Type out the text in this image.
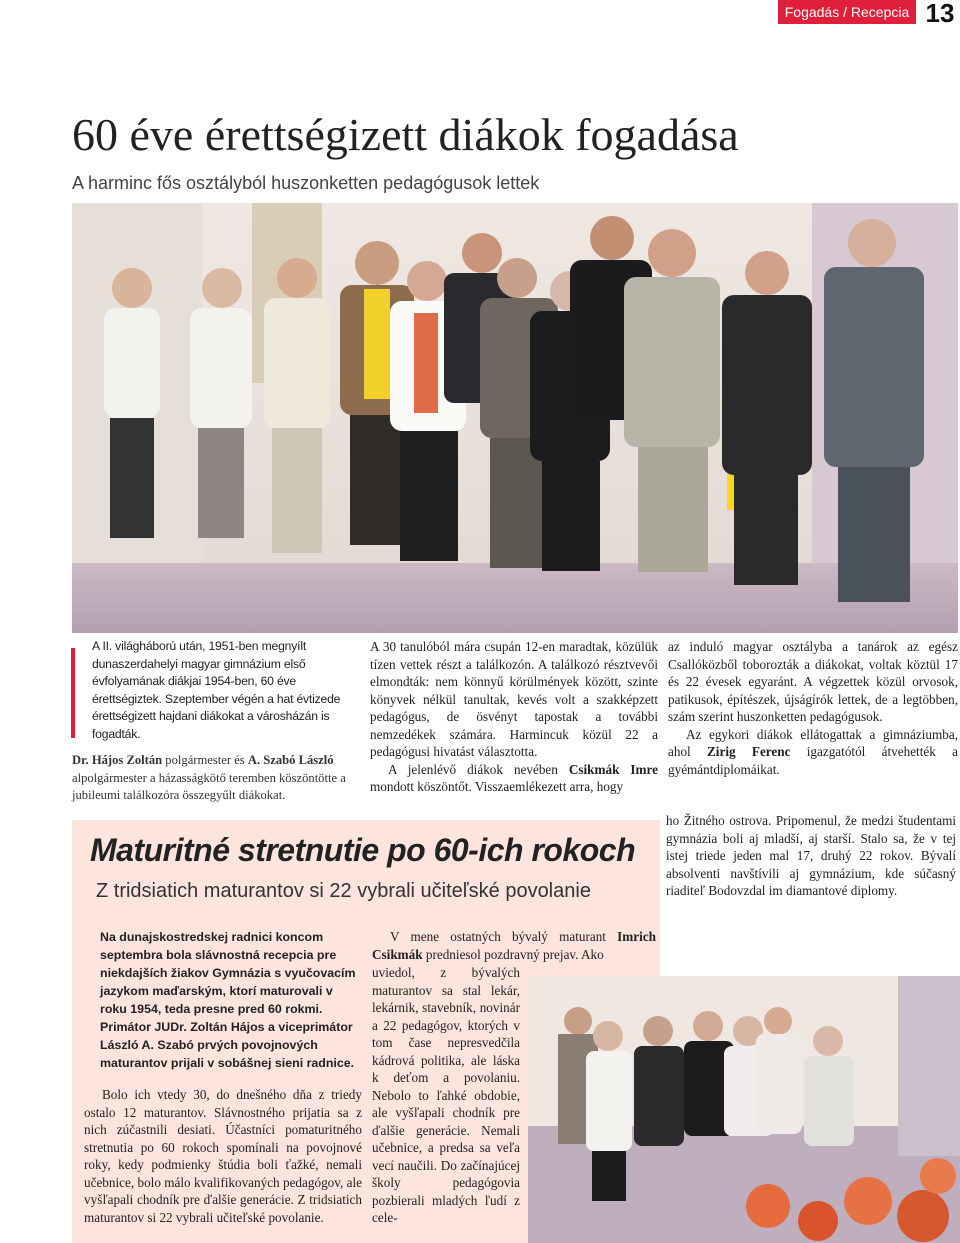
Fogadás / Recepcia 13
60 éve érettségizett diákok fogadása
A harminc fős osztályból huszonketten pedagógusok lettek
A II. világháború után, 1951-ben megnyílt dunaszerdahelyi magyar gimnázium első évfolyamának diákjai 1954-ben, 60 éve érettségiztek. Szeptember végén a hat évtizede érettségizett hajdani diákokat a városházán is fogadták.
Dr. Hájos Zoltán polgármester és A. Szabó László alpolgármester a házasságkötő teremben köszöntötte a jubileumi találkozóra összegyűlt diákokat.

A 30 tanulóból mára csupán 12-en maradtak, közülük tízen vettek részt a találkozón. A találkozó résztvevői elmondták: nem könnyű körülmények között, szinte könyvek nélkül tanultak, kevés volt a szakképzett pedagógus, de ösvényt tapostak a további nemzedékek számára. Harmincuk közül 22 a pedagógusi hivatást választotta.

A jelenlévő diákok nevében Csikmák Imre mondott köszöntőt. Visszaemlékezett arra, hogy

az induló magyar osztályba a tanárok az egész Csallóközből toborozták a diákokat, voltak köztül 17 és 22 évesek egyaránt. A végzettek közül orvosok, patikusok, építészek, újságírók lettek, de a legtöbben, szám szerint huszonketten pedagógusok.

Az egykori diákok ellátogattak a gimnáziumba, ahol Zirig Ferenc igazgatótól átvehették a gyémántdiplomáikat.

Maturitné stretnutie po 60-ich rokoch
Z tridsiatich maturantov si 22 vybrali učiteľské povolanie
Na dunajskostredskej radnici koncom septembra bola slávnostná recepcia pre niekdajších žiakov Gymnázia s vyučovacím jazykom maďarským, ktorí maturovali v roku 1954, teda presne pred 60 rokmi. Primátor JUDr. Zoltán Hájos a viceprimátor László A. Szabó prvých povojnových maturantov prijali v sobášnej sieni radnice.
Bolo ich vtedy 30, do dnešného dňa z triedy ostalo 12 maturantov. Slávnostného prijatia sa z nich zúčastnili desiati. Účastníci pomaturitného stretnutia po 60 rokoch spomínali na povojnové roky, kedy podmienky štúdia boli ťažké, nemali učebnice, bolo málo kvalifikovaných pedagógov, ale vyšľapali chodník pre ďalšie generácie. Z tridsiatich maturantov si 22 vybrali učiteľské povolanie.
V mene ostatných bývalý maturant Imrich Csikmák predniesol pozdravný prejav. Ako
uviedol, z bývalých maturantov sa stal lekár, lekárnik, stavebník, novinár a 22 pedagógov, ktorých v tom čase nepresvedčila kádrová politika, ale láska k deťom a povolaniu. Nebolo to ľahké obdobie, ale vyšľapali chodník pre ďalšie generácie. Nemali učebnice, a predsa sa veľa vecí naučili. Do začínajúcej školy pedagógovia pozbierali mladých ľudí z cele-
ho Žitného ostrova. Pripomenul, že medzi študentami gymnázia boli aj mladší, aj starší. Stalo sa, že v tej istej triede jeden mal 17, druhý 22 rokov. Bývalí absolventi navštívili aj gymnázium, kde súčasný riaditeľ Bodovzdal im diamantové diplomy.
